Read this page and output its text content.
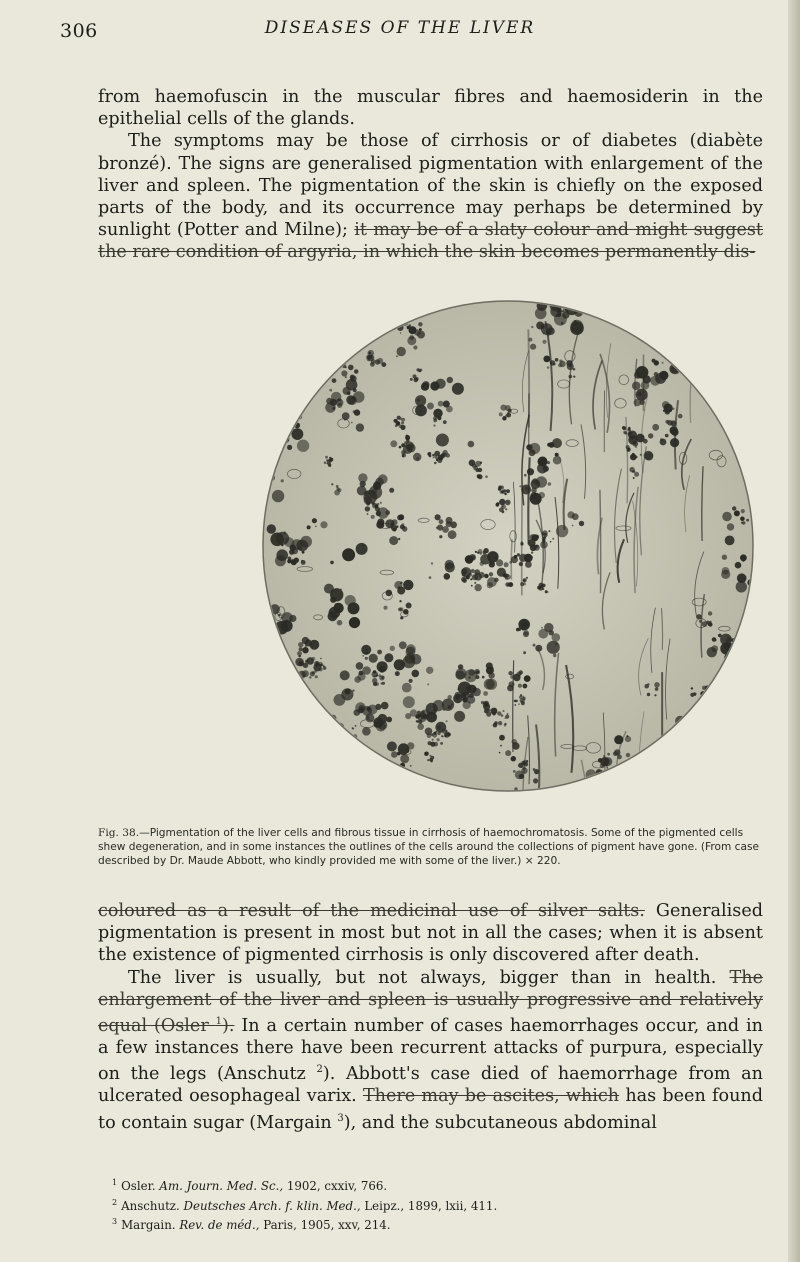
306	DISEASES OF THE LIVER

from haemofuscin in the muscular fibres and haemosiderin in the epithelial cells of the glands.

The symptoms may be those of cirrhosis or of diabetes (diabète bronzé). The signs are generalised pigmentation with enlargement of the liver and spleen. The pigmentation of the skin is chiefly on the exposed parts of the body, and its occurrence may perhaps be determined by sunlight (Potter and Milne); it may be of a slaty colour and might suggest the rare condition of argyria, in which the skin becomes permanently dis-

Fig. 38.—Pigmentation of the liver cells and fibrous tissue in cirrhosis of haemochromatosis. Some of the pigmented cells shew degeneration, and in some instances the outlines of the cells around the collections of pigment have gone. (From case described by Dr. Maude Abbott, who kindly provided me with some of the liver.) × 220.

coloured as a result of the medicinal use of silver salts. Generalised pigmentation is present in most but not in all the cases; when it is absent the existence of pigmented cirrhosis is only discovered after death.

The liver is usually, but not always, bigger than in health. The enlargement of the liver and spleen is usually progressive and relatively equal (Osler $^1$). In a certain number of cases haemorrhages occur, and in a few instances there have been recurrent attacks of purpura, especially on the legs (Anschutz $^2$). Abbott's case died of haemorrhage from an ulcerated oesophageal varix. There may be ascites, which has been found to contain sugar (Margain $^3$), and the subcutaneous abdominal

$^1$ Osler. Am. Journ. Med. Sc., 1902, cxxiv, 766.

$^2$ Anschutz. Deutsches Arch. f. klin. Med., Leipz., 1899, lxii, 411.

$^3$ Margain. Rev. de méd., Paris, 1905, xxv, 214.
